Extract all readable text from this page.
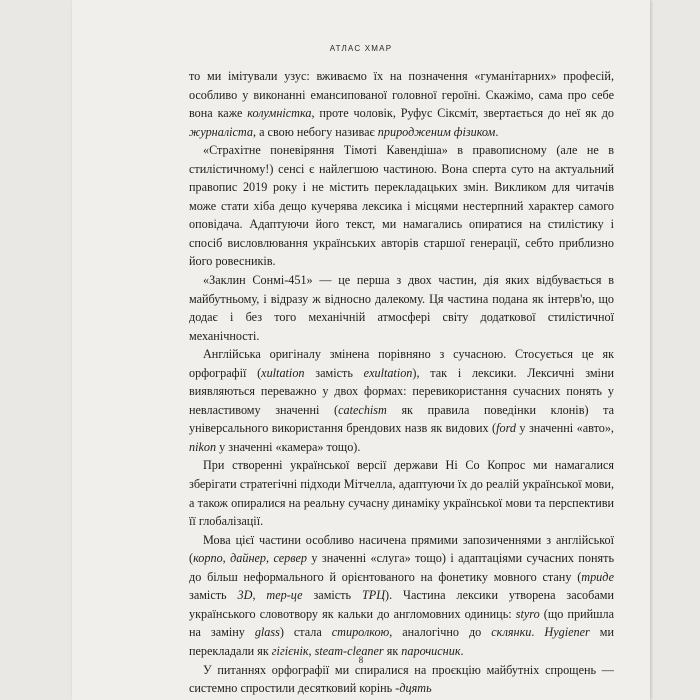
АТЛАС ХМАР

то ми імітували узус: вживаємо їх на позначення «гуманітарних» професій, особливо у виконанні емансипованої головної героїні. Скажімо, сама про себе вона каже колумністка, проте чоловік, Руфус Сіксміт, звертається до неї як до журналіста, а свою небогу називає природженим фізиком.

«Страхітне поневіряння Тімоті Кавендіша» в правописному (але не в стилістичному!) сенсі є найлегшою частиною. Вона сперта суто на актуальний правопис 2019 року і не містить перекладацьких змін. Викликом для читачів може стати хіба дещо кучерява лексика і місцями нестерпний характер самого оповідача. Адаптуючи його текст, ми намагались опиратися на стилістику і спосіб висловлювання українських авторів старшої генерації, себто приблизно його ровесників.

«Заклин Сонмі-451» — це перша з двох частин, дія яких відбувається в майбутньому, і відразу ж відносно далекому. Ця частина подана як інтерв'ю, що додає і без того механічній атмосфері світу додаткової стилістичної механічності.

Англійська оригіналу змінена порівняно з сучасною. Стосується це як орфографії (xultation замість exultation), так і лексики. Лексичні зміни виявляються переважно у двох формах: перевикористання сучасних понять у невластивому значенні (catechism як правила поведінки клонів) та універсального використання брендових назв як видових (ford у значенні «авто», nikon у значенні «камера» тощо).

При створенні української версії держави Ні Со Копрос ми намагалися зберігати стратегічні підходи Мітчелла, адаптуючи їх до реалій української мови, а також опиралися на реальну сучасну динаміку української мови та перспективи її глобалізації.

Мова цієї частини особливо насичена прямими запозиченнями з англійської (корпо, дайнер, сервер у значенні «слуга» тощо) і адаптаціями сучасних понять до більш неформального й орієнтованого на фонетику мовного стану (триде замість 3D, тер-це замість ТРЦ). Частина лексики утворена засобами українського словотвору як кальки до англомовних одиниць: styro (що прийшла на заміну glass) стала стиролкою, аналогічно до склянки. Hygiener ми перекладали як гігієнік, steam-cleaner як парочисник.

У питаннях орфографії ми спиралися на проєкцію майбутніх спрощень — системно спростили десятковий корінь -дцять

8
